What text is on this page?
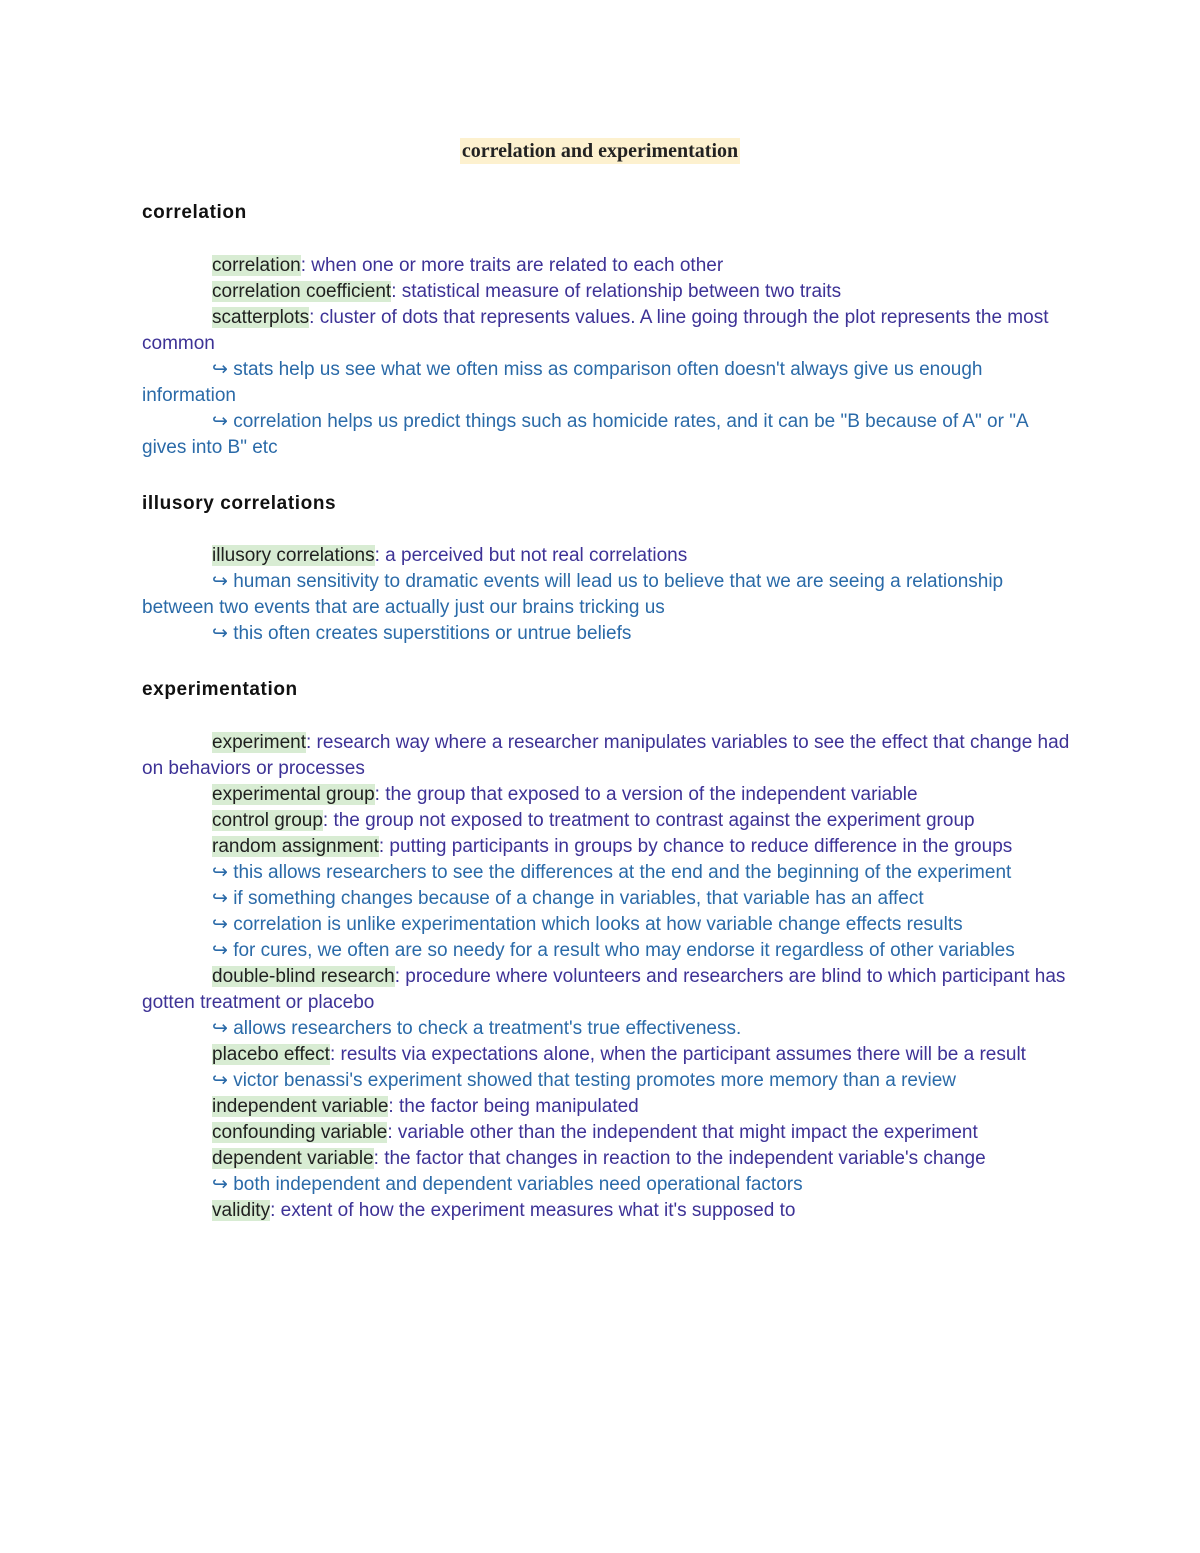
correlation and experimentation
correlation

correlation: when one or more traits are related to each other

correlation coefficient: statistical measure of relationship between two traits

scatterplots: cluster of dots that represents values. A line going through the plot represents the most common

↪ stats help us see what we often miss as comparison often doesn't always give us enough information

↪ correlation helps us predict things such as homicide rates, and it can be "B because of A" or "A gives into B" etc

illusory correlations

illusory correlations: a perceived but not real correlations

↪ human sensitivity to dramatic events will lead us to believe that we are seeing a relationship between two events that are actually just our brains tricking us

↪ this often creates superstitions or untrue beliefs

experimentation

experiment: research way where a researcher manipulates variables to see the effect that change had on behaviors or processes

experimental group: the group that exposed to a version of the independent variable

control group: the group not exposed to treatment to contrast against the experiment group

random assignment: putting participants in groups by chance to reduce difference in the groups

↪ this allows researchers to see the differences at the end and the beginning of the experiment

↪ if something changes because of a change in variables, that variable has an affect

↪ correlation is unlike experimentation which looks at how variable change effects results

↪ for cures, we often are so needy for a result who may endorse it regardless of other variables

double-blind research: procedure where volunteers and researchers are blind to which participant has gotten treatment or placebo

↪ allows researchers to check a treatment's true effectiveness.

placebo effect: results via expectations alone, when the participant assumes there will be a result

↪ victor benassi's experiment showed that testing promotes more memory than a review

independent variable: the factor being manipulated

confounding variable: variable other than the independent that might impact the experiment

dependent variable: the factor that changes in reaction to the independent variable's change

↪ both independent and dependent variables need operational factors

validity: extent of how the experiment measures what it's supposed to
